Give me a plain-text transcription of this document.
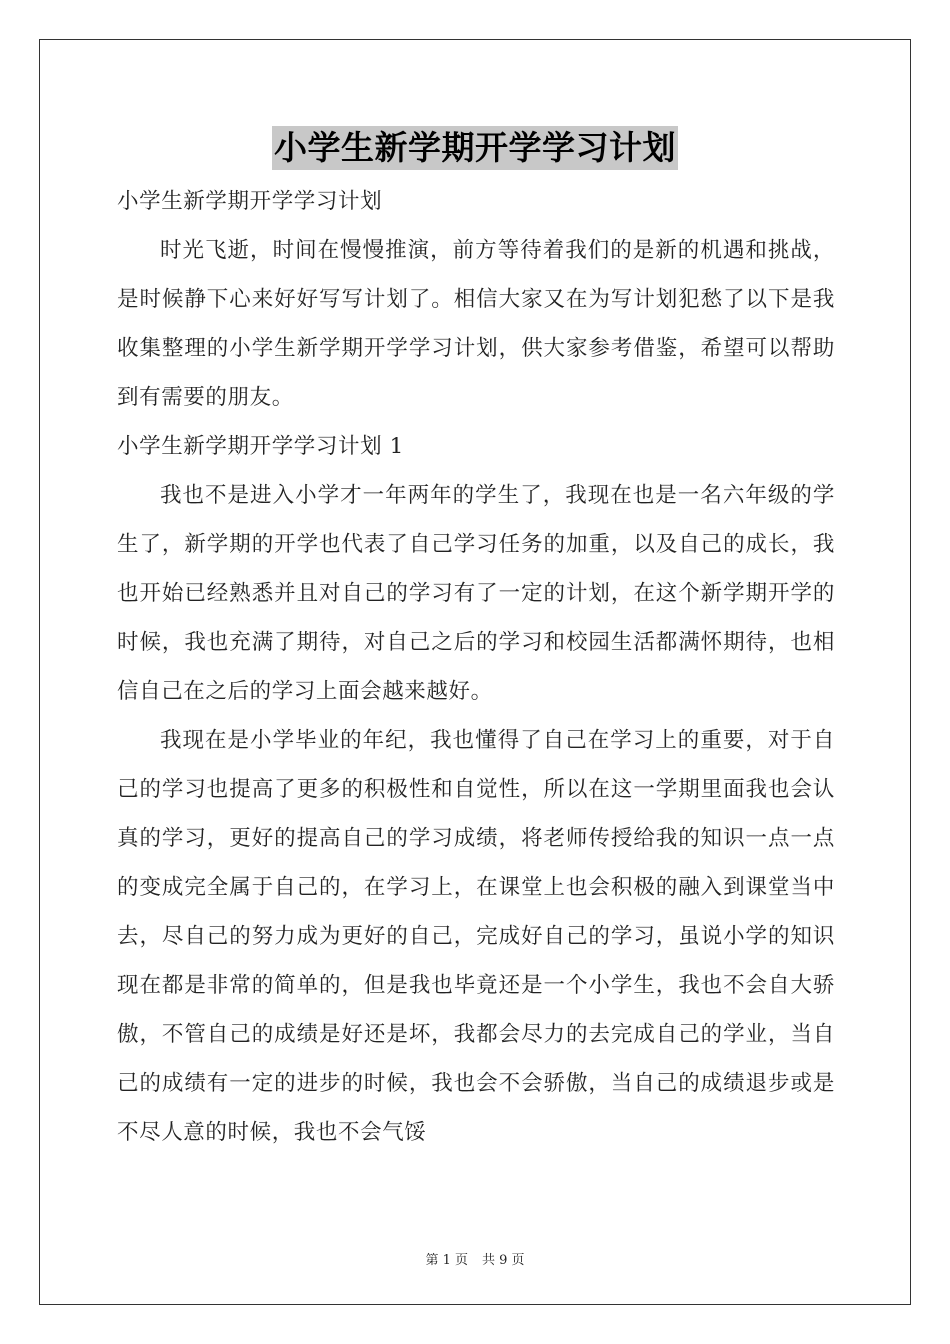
小学生新学期开学学习计划

小学生新学期开学学习计划

时光飞逝，时间在慢慢推演，前方等待着我们的是新的机遇和挑战，是时候静下心来好好写写计划了。相信大家又在为写计划犯愁了以下是我收集整理的小学生新学期开学学习计划，供大家参考借鉴，希望可以帮助到有需要的朋友。

小学生新学期开学学习计划 1

我也不是进入小学才一年两年的学生了，我现在也是一名六年级的学生了，新学期的开学也代表了自己学习任务的加重，以及自己的成长，我也开始已经熟悉并且对自己的学习有了一定的计划，在这个新学期开学的时候，我也充满了期待，对自己之后的学习和校园生活都满怀期待，也相信自己在之后的学习上面会越来越好。

我现在是小学毕业的年纪，我也懂得了自己在学习上的重要，对于自己的学习也提高了更多的积极性和自觉性，所以在这一学期里面我也会认真的学习，更好的提高自己的学习成绩，将老师传授给我的知识一点一点的变成完全属于自己的，在学习上，在课堂上也会积极的融入到课堂当中去，尽自己的努力成为更好的自己，完成好自己的学习，虽说小学的知识现在都是非常的简单的，但是我也毕竟还是一个小学生，我也不会自大骄傲，不管自己的成绩是好还是坏，我都会尽力的去完成自己的学业，当自己的成绩有一定的进步的时候，我也会不会骄傲，当自己的成绩退步或是不尽人意的时候，我也不会气馁

第 1 页 共 9 页
